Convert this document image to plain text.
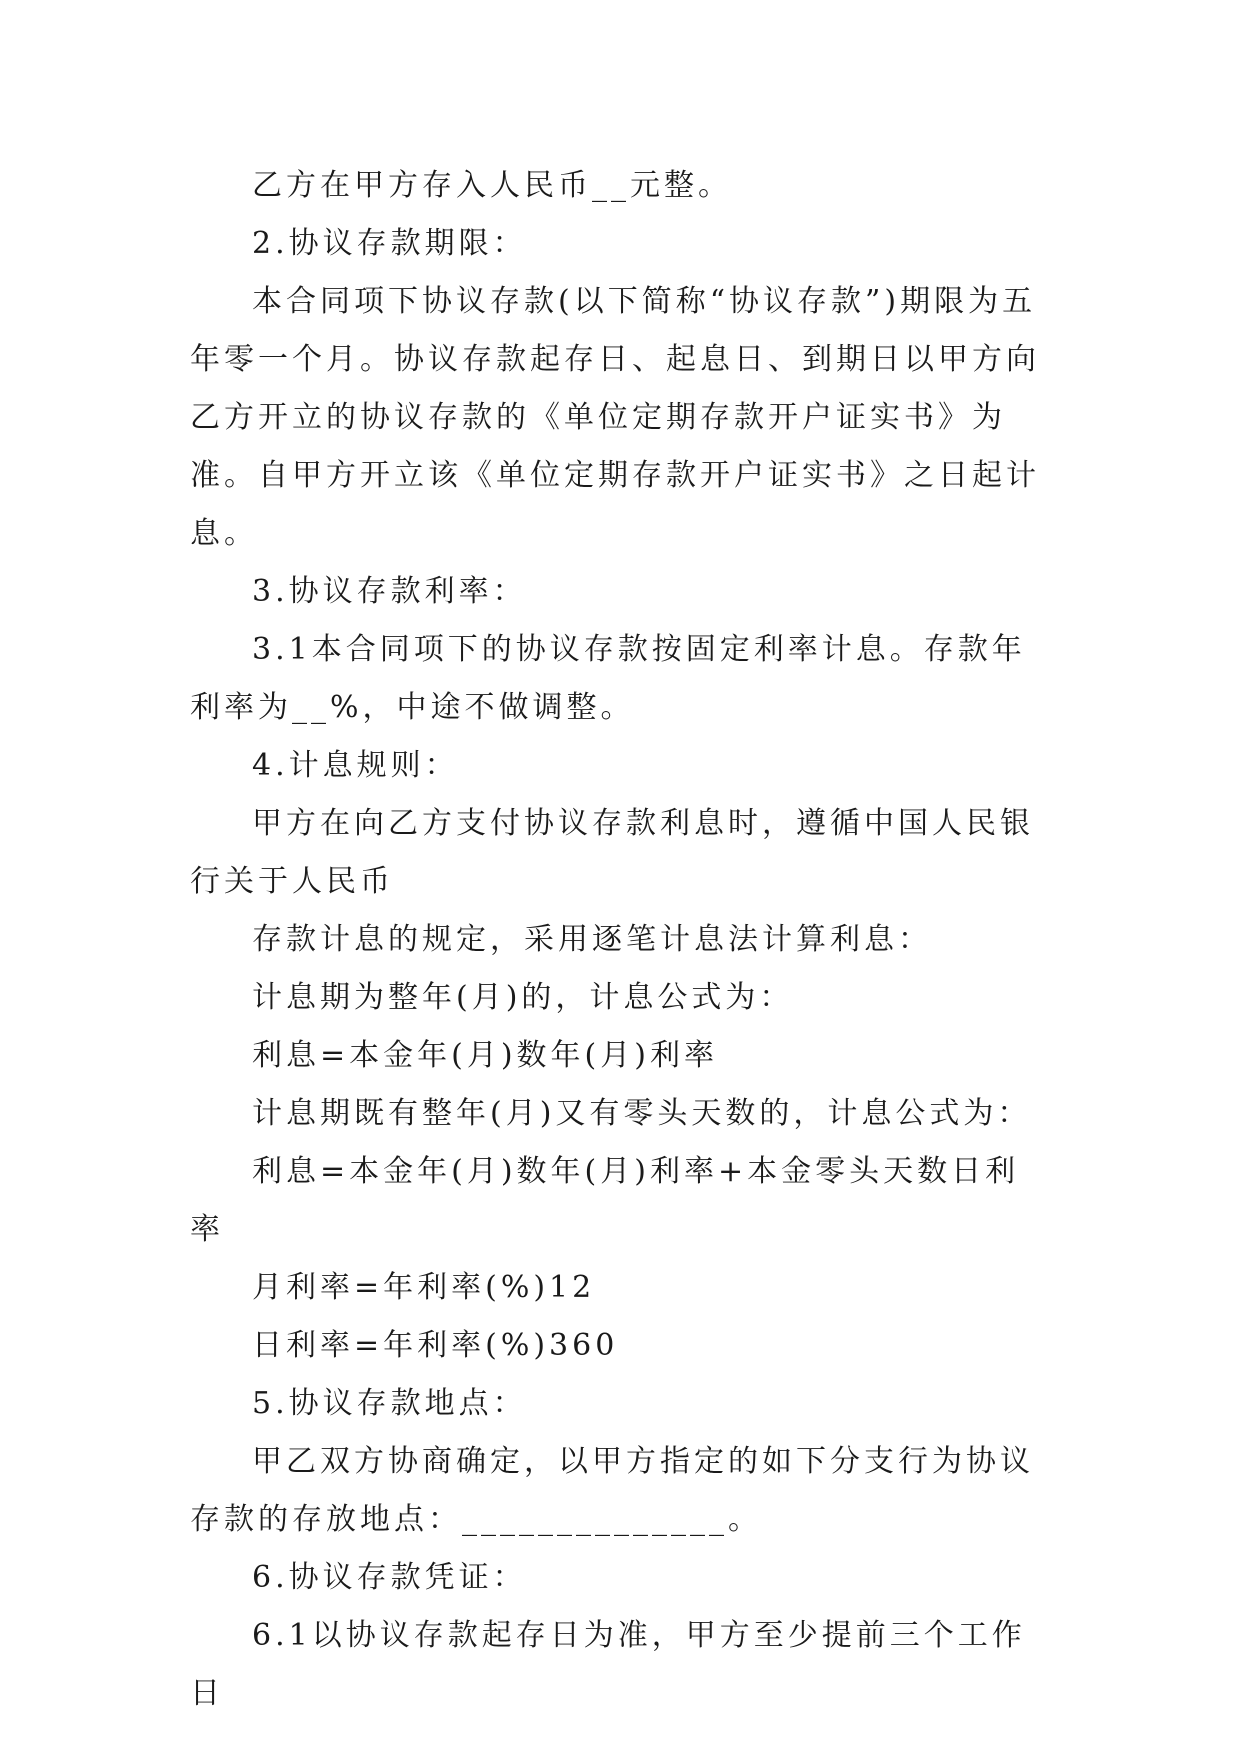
乙方在甲方存入人民币__元整。

2.协议存款期限：

本合同项下协议存款(以下简称“协议存款”)期限为五年零一个月。协议存款起存日、起息日、到期日以甲方向乙方开立的协议存款的《单位定期存款开户证实书》为准。自甲方开立该《单位定期存款开户证实书》之日起计息。

3.协议存款利率：

3.1本合同项下的协议存款按固定利率计息。存款年利率为__%，中途不做调整。

4.计息规则：

甲方在向乙方支付协议存款利息时，遵循中国人民银行关于人民币

存款计息的规定，采用逐笔计息法计算利息：

计息期为整年(月)的，计息公式为：

利息=本金年(月)数年(月)利率

计息期既有整年(月)又有零头天数的，计息公式为：

利息=本金年(月)数年(月)利率+本金零头天数日利率

月利率=年利率(%)12

日利率=年利率(%)360

5.协议存款地点：

甲乙双方协商确定，以甲方指定的如下分支行为协议存款的存放地点：______________。

6.协议存款凭证：

6.1以协议存款起存日为准，甲方至少提前三个工作日
